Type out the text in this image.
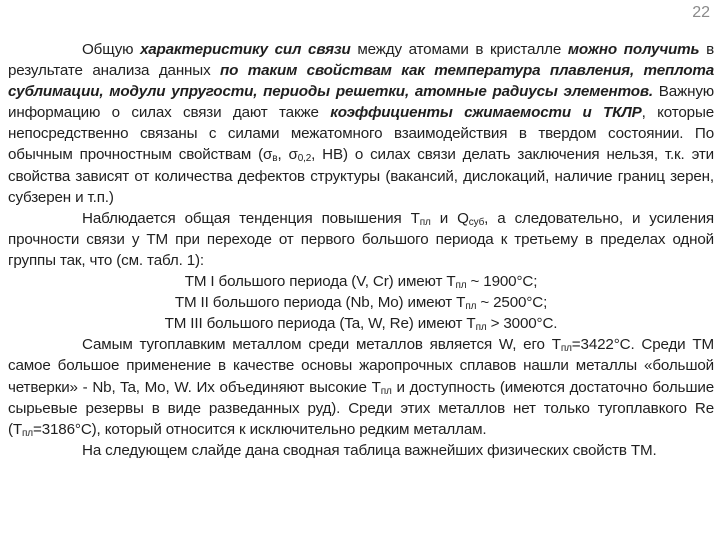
22

Общую характеристику сил связи между атомами в кристалле можно получить в результате анализа данных по таким свойствам как температура плавления, теплота сублимации, модули упругости, периоды решетки, атомные радиусы элементов. Важную информацию о силах связи дают также коэффициенты сжимаемости и ТКЛР, которые непосредственно связаны с силами межатомного взаимодействия в твердом состоянии. По обычным прочностным свойствам ($\sigma_в$, $\sigma_{0,2}$, НВ) о силах связи делать заключения нельзя, т.к. эти свойства зависят от количества дефектов структуры (вакансий, дислокаций, наличие границ зерен, субзерен и т.п.)

Наблюдается общая тенденция повышения $Т_{пл}$ и $Q_{суб}$, а следовательно, и усиления прочности связи у ТМ при переходе от первого большого периода к третьему в пределах одной группы так, что (см. табл. 1):

ТМ I большого периода (V, Cr) имеют $Т_{пл}$ ~ 1900°С;

ТМ II большого периода (Nb, Mo) имеют $Т_{пл}$ ~ 2500°С;

ТМ III большого периода (Ta, W, Re) имеют $Т_{пл} > 3000^\circ С$.

Самым тугоплавким металлом среди металлов является W, его $Т_{пл}=3422^\circ С$. Среди ТМ самое большое применение в качестве основы жаропрочных сплавов нашли металлы «большой четверки» - Nb, Ta, Mo, W. Их объединяют высокие $Т_{пл}$ и доступность (имеются достаточно большие сырьевые резервы в виде разведанных руд). Среди этих металлов нет только тугоплавкого Re $(Т_{пл}=3186^\circ С)$, который относится к исключительно редким металлам.

На следующем слайде дана сводная таблица важнейших физических свойств ТМ.
